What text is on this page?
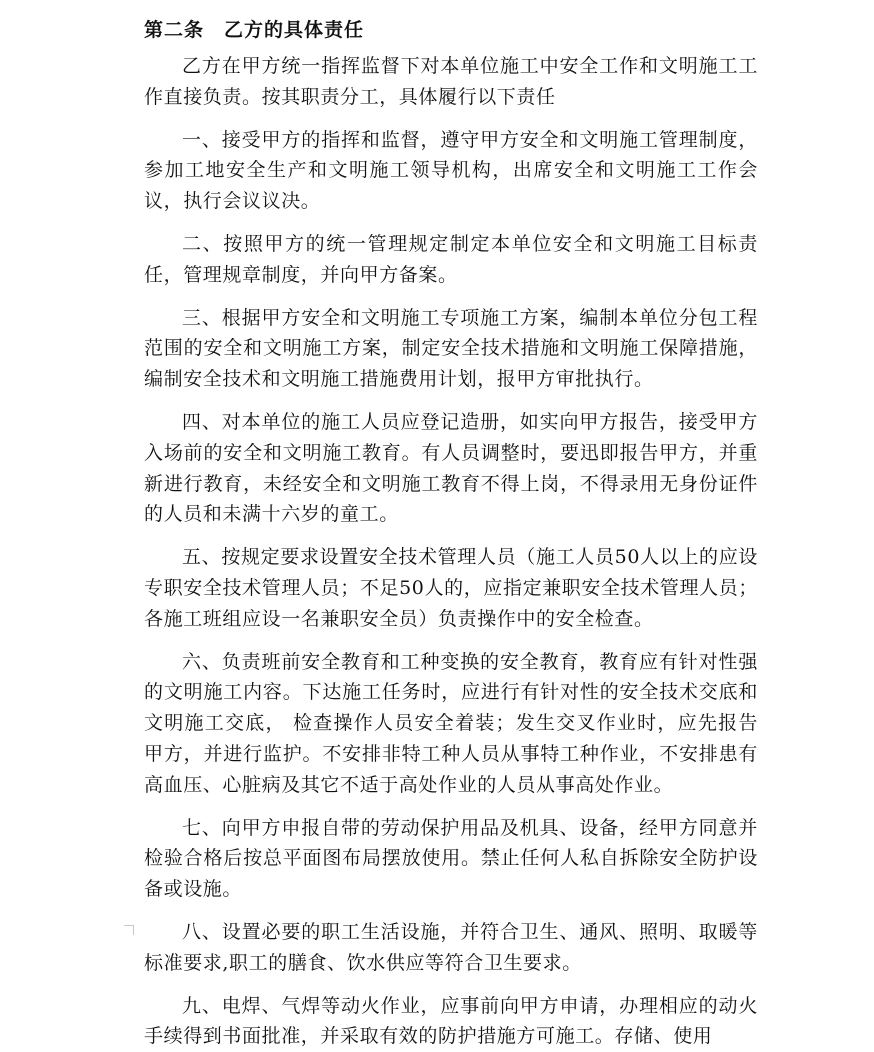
第二条　乙方的具体责任

乙方在甲方统一指挥监督下对本单位施工中安全工作和文明施工工作直接负责。按其职责分工，具体履行以下责任

一、接受甲方的指挥和监督，遵守甲方安全和文明施工管理制度，参加工地安全生产和文明施工领导机构，出席安全和文明施工工作会议，执行会议议决。

二、按照甲方的统一管理规定制定本单位安全和文明施工目标责任，管理规章制度，并向甲方备案。

三、根据甲方安全和文明施工专项施工方案，编制本单位分包工程范围的安全和文明施工方案，制定安全技术措施和文明施工保障措施，编制安全技术和文明施工措施费用计划，报甲方审批执行。

四、对本单位的施工人员应登记造册，如实向甲方报告，接受甲方入场前的安全和文明施工教育。有人员调整时，要迅即报告甲方，并重新进行教育，未经安全和文明施工教育不得上岗，不得录用无身份证件的人员和未满十六岁的童工。

五、按规定要求设置安全技术管理人员（施工人员50人以上的应设专职安全技术管理人员；不足50人的，应指定兼职安全技术管理人员；各施工班组应设一名兼职安全员）负责操作中的安全检查。

六、负责班前安全教育和工种变换的安全教育，教育应有针对性强的文明施工内容。下达施工任务时，应进行有针对性的安全技术交底和文明施工交底， 检查操作人员安全着装；发生交叉作业时，应先报告甲方，并进行监护。不安排非特工种人员从事特工种作业，不安排患有高血压、心脏病及其它不适于高处作业的人员从事高处作业。

七、向甲方申报自带的劳动保护用品及机具、设备，经甲方同意并检验合格后按总平面图布局摆放使用。禁止任何人私自拆除安全防护设备或设施。

八、设置必要的职工生活设施，并符合卫生、通风、照明、取暖等标准要求,职工的膳食、饮水供应等符合卫生要求。

九、电焊、气焊等动火作业，应事前向甲方申请，办理相应的动火手续得到书面批准，并采取有效的防护措施方可施工。存储、使用
